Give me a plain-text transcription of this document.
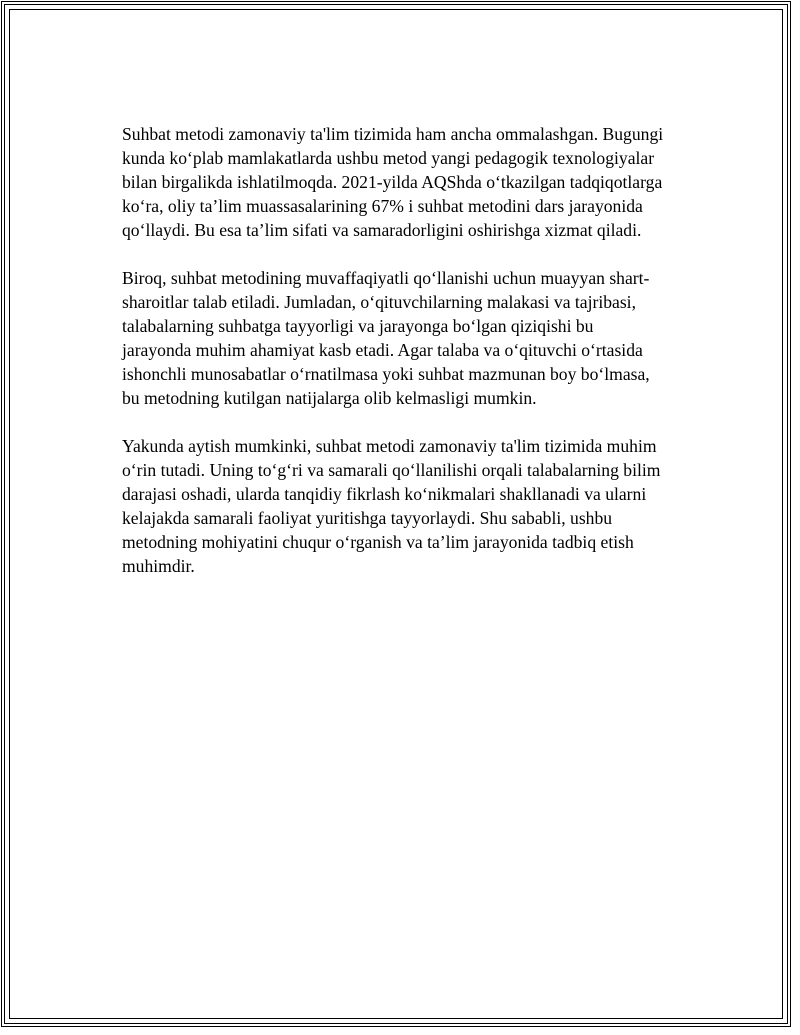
Suhbat metodi zamonaviy ta'lim tizimida ham ancha ommalashgan. Bugungi
kunda ko‘plab mamlakatlarda ushbu metod yangi pedagogik texnologiyalar
bilan birgalikda ishlatilmoqda. 2021-yilda AQShda o‘tkazilgan tadqiqotlarga
ko‘ra, oliy ta’lim muassasalarining 67% i suhbat metodini dars jarayonida
qo‘llaydi. Bu esa ta’lim sifati va samaradorligini oshirishga xizmat qiladi.

Biroq, suhbat metodining muvaffaqiyatli qo‘llanishi uchun muayyan shart-
sharoitlar talab etiladi. Jumladan, o‘qituvchilarning malakasi va tajribasi,
talabalarning suhbatga tayyorligi va jarayonga bo‘lgan qiziqishi bu
jarayonda muhim ahamiyat kasb etadi. Agar talaba va o‘qituvchi o‘rtasida
ishonchli munosabatlar o‘rnatilmasa yoki suhbat mazmunan boy bo‘lmasa,
bu metodning kutilgan natijalarga olib kelmasligi mumkin.

Yakunda aytish mumkinki, suhbat metodi zamonaviy ta'lim tizimida muhim
o‘rin tutadi. Uning to‘g‘ri va samarali qo‘llanilishi orqali talabalarning bilim
darajasi oshadi, ularda tanqidiy fikrlash ko‘nikmalari shakllanadi va ularni
kelajakda samarali faoliyat yuritishga tayyorlaydi. Shu sababli, ushbu
metodning mohiyatini chuqur o‘rganish va ta’lim jarayonida tadbiq etish
muhimdir.
